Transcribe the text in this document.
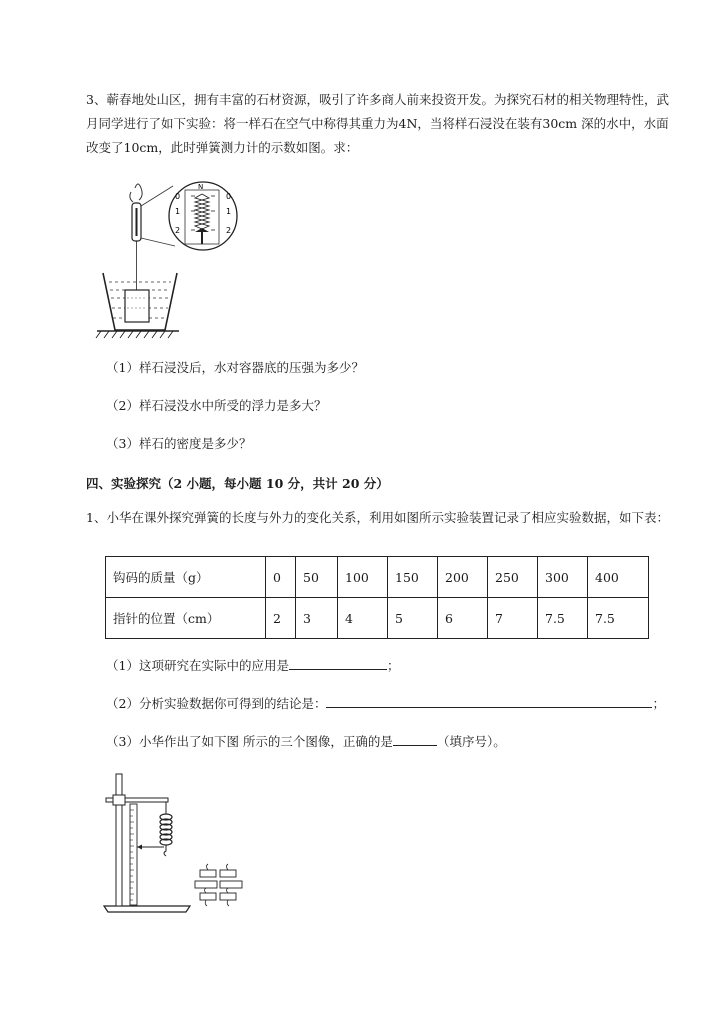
3、蕲春地处山区，拥有丰富的石材资源，吸引了许多商人前来投资开发。为探究石材的相关物理特性，武月同学进行了如下实验：将一样石在空气中称得其重力为4N，当将样石浸没在装有30cm 深的水中，水面改变了10cm，此时弹簧测力计的示数如图。求：

N
0	0
1	1
2	2

（1）样石浸没后，水对容器底的压强为多少？

（2）样石浸没水中所受的浮力是多大？

（3）样石的密度是多少？

四、实验探究（2 小题，每小题 10 分，共计 20 分）

1、小华在课外探究弹簧的长度与外力的变化关系，利用如图所示实验装置记录了相应实验数据，如下表：

钩码的质量（g）	0	50	100	150	200	250	300	400
指针的位置（cm）	2	3	4	5	6	7	7.5	7.5

（1）这项研究在实际中的应用是	；

（2）分析实验数据你可得到的结论是：	；

（3）小华作出了如下图 所示的三个图像，正确的是	（填序号）。
